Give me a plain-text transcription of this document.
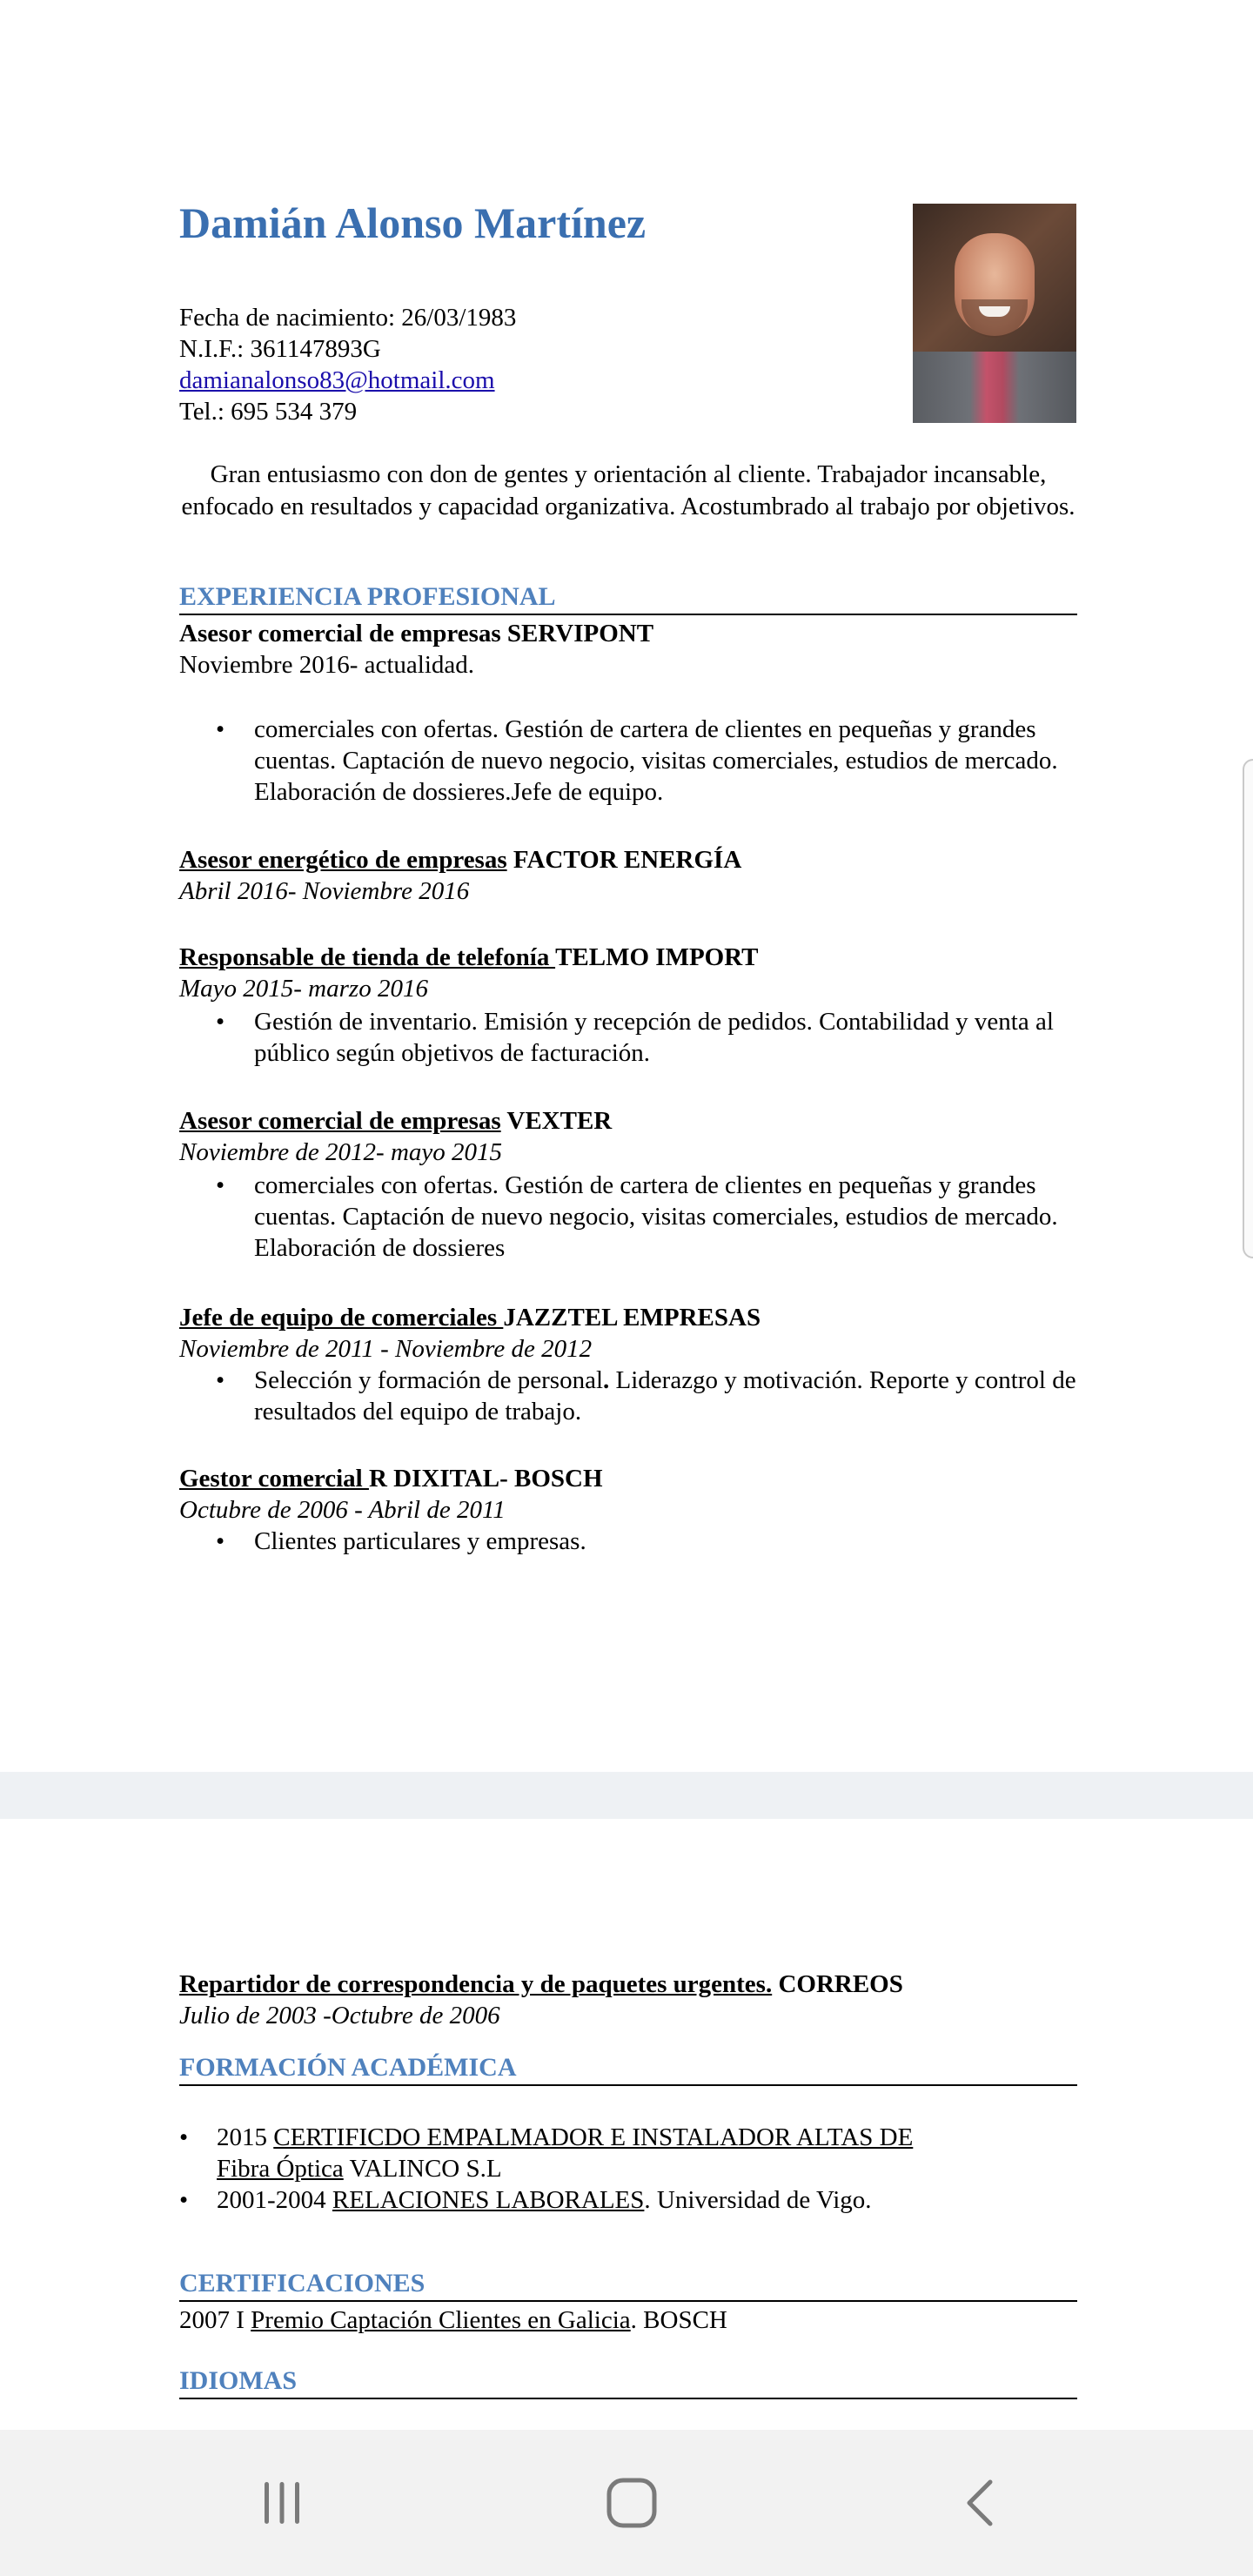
Damián Alonso Martínez
Fecha de nacimiento: 26/03/1983
N.I.F.: 361147893G
damianalonso83@hotmail.com
Tel.: 695 534 379
Gran entusiasmo con don de gentes y orientación al cliente. Trabajador incansable, enfocado en resultados y capacidad organizativa. Acostumbrado al trabajo por objetivos.
EXPERIENCIA PROFESIONAL
Asesor comercial de empresas SERVIPONT
Noviembre 2016- actualidad.
• comerciales con ofertas. Gestión de cartera de clientes en pequeñas y grandes cuentas. Captación de nuevo negocio, visitas comerciales, estudios de mercado. Elaboración de dossieres.Jefe de equipo.
Asesor energético de empresas FACTOR ENERGÍA
Abril 2016- Noviembre 2016
Responsable de tienda de telefonía TELMO IMPORT
Mayo 2015- marzo 2016
• Gestión de inventario. Emisión y recepción de pedidos. Contabilidad y venta al público según objetivos de facturación.
Asesor comercial de empresas VEXTER
Noviembre de 2012- mayo 2015
• comerciales con ofertas. Gestión de cartera de clientes en pequeñas y grandes cuentas. Captación de nuevo negocio, visitas comerciales, estudios de mercado. Elaboración de dossieres
Jefe de equipo de comerciales JAZZTEL EMPRESAS
Noviembre de 2011 - Noviembre de 2012
• Selección y formación de personal. Liderazgo y motivación. Reporte y control de resultados del equipo de trabajo.
Gestor comercial R DIXITAL- BOSCH
Octubre de 2006 - Abril de 2011
• Clientes particulares y empresas.
Repartidor de correspondencia y de paquetes urgentes. CORREOS
Julio de 2003 -Octubre de 2006
FORMACIÓN ACADÉMICA
• 2015 CERTIFICDO EMPALMADOR E INSTALADOR ALTAS DE
Fibra Óptica VALINCO S.L
• 2001-2004 RELACIONES LABORALES. Universidad de Vigo.
CERTIFICACIONES
2007 I Premio Captación Clientes en Galicia. BOSCH
IDIOMAS
